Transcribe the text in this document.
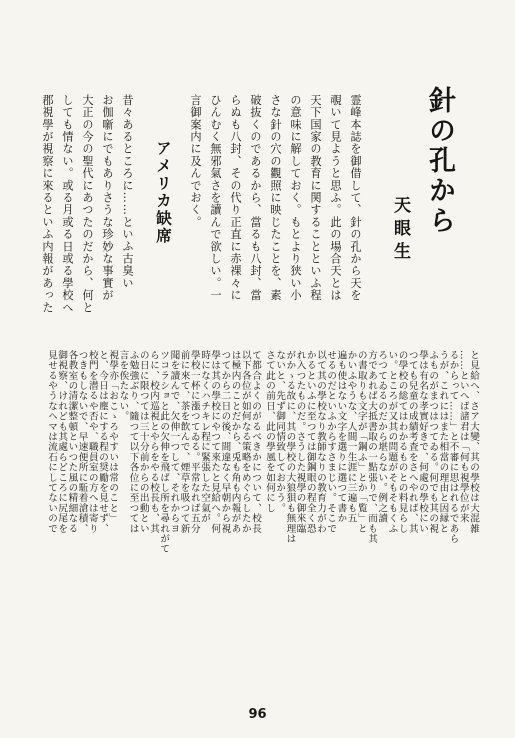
針の孔から
天 眼 生
霊峰本誌を御借して、針の孔から天を
覗いて見ようと思ふ。此の場合天とは
天下国家の教育に関することといふ程
の意味に解しておく。もとより狭い小
さな針の穴の觀照に映じたことを、素
破抜くのであるから、當るも八封、當
らぬも八封、その代り正直に赤裸々に
ひんむく無邪氣さを讀んで欲しい。一
言御案内に及んでおく。
アメリカ缺席
昔々あるところに……といふ古臭い
お伽噺にでもありさうな珍妙な事實が
大正の今の聖代にあつたのだから、何と
しても情ない。或る月或る日或る學校へ
郡視學が視察に來るといふ内報があった
と見給へ、さア大變、其の學校は大混雑
……といへば諸君は「何も視學位が来
るからって……」と不審に思はれるであら
うが、これにはまた相當の理由と因縁と
ふものがまつはつてゐる。何でも其の視
學は有名な孝實好きで、何處の學校にい
つても兒童の成績考査をさへやれば、其
の學校の総てはわかるものとの料見らし
い。ところが又其の問題がそもそもくふ
ろつてゐるのだから堪らない。例之讀
方であれば大抵書取の一點張りで、而も其
の書取りも文字が「鋼ふ」とか「覧」と
かいふやうな、人間一生涯に三遍も五
遍も使はない文字を選りに選つて書か
せるのだといふからすさまじい。そこで
以て其の學校なり教師なりの教育力がわ
かるといふに至つては御鋼眼の程全く恐
れ入つたものだ。さうした視學の御來臨
がかゝる故に、其の學校の大狼狽も無理は
ないと、先ず御同情致しておかう。
さて此の前日、此の學風を如何にし
て都合よくのがるべきかについて、校長
以下各位が如何なる策略をめぐらしたか
は極内のことだから、兎も角も内報があ
つてから二日の後、間違なく早朝から視
學は其の學校にやつて來たと見給へ。何
時になくハチキレ程に緊張した空氣が
學校一杯に漲つてゐる。平常なれば五分
前に來て、茶を飲んで、煙草を吸つて新
聞を讀んで、欠伸一つして、それからヨ
ツコラショと此の欠伸を飛ばし所を尋れがて
らに、校内巡視とやらをやる校長も、其
の日に限つては三十分前からの出動とい
ふ勉強ぶり、隨つて以下各位に至つては
言を俟たない。
視學亦「おこゝろやすいは常のこと」
と、今日は塵にする程の奨勵を見せず、
校門を潜るや否や、職員室の方へは寄り
つきもしないで、早速便所に駈着滄積、
各教室の清潔整頓といつた風の精細なる
御視察、けれども其處らどころに尻尾を
見せるやうなヘマは流石にしてないので
96
